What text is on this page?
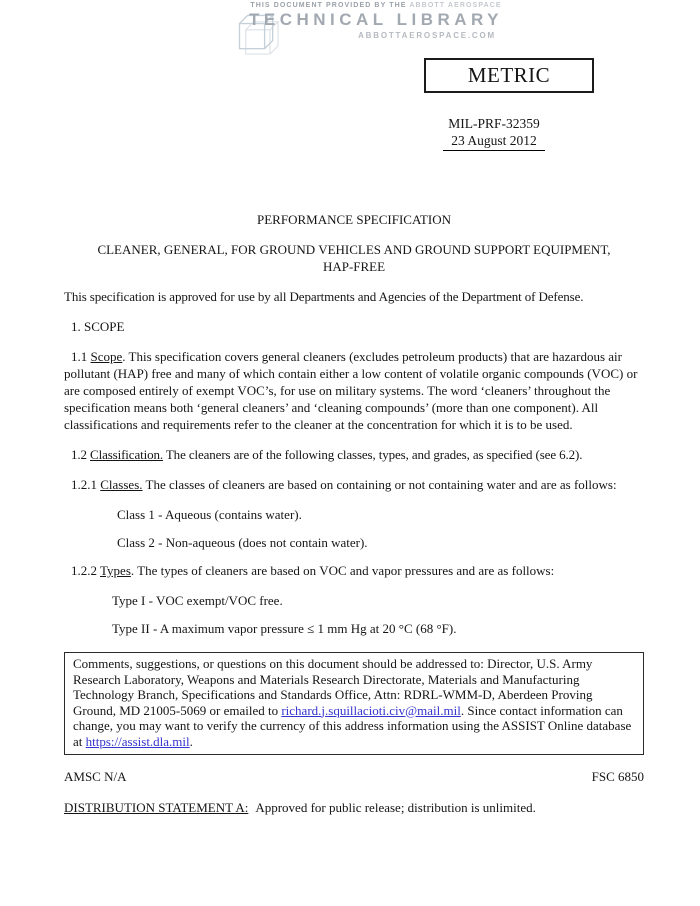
THIS DOCUMENT PROVIDED BY THE ABBOTT AEROSPACE
TECHNICAL LIBRARY
ABBOTTAEROSPACE.COM
METRIC
MIL-PRF-32359
23 August 2012

PERFORMANCE SPECIFICATION

CLEANER, GENERAL, FOR GROUND VEHICLES AND GROUND SUPPORT EQUIPMENT,
HAP-FREE

This specification is approved for use by all Departments and Agencies of the Department of Defense.

1. SCOPE

1.1 Scope. This specification covers general cleaners (excludes petroleum products) that are hazardous air pollutant (HAP) free and many of which contain either a low content of volatile organic compounds (VOC) or are composed entirely of exempt VOC’s, for use on military systems. The word ‘cleaners’ throughout the specification means both ‘general cleaners’ and ‘cleaning compounds’ (more than one component). All classifications and requirements refer to the cleaner at the concentration for which it is to be used.

1.2 Classification. The cleaners are of the following classes, types, and grades, as specified (see 6.2).

1.2.1 Classes. The classes of cleaners are based on containing or not containing water and are as follows:

Class 1 - Aqueous (contains water).

Class 2 - Non-aqueous (does not contain water).

1.2.2 Types. The types of cleaners are based on VOC and vapor pressures and are as follows:

Type I - VOC exempt/VOC free.

Type II - A maximum vapor pressure ≤ 1 mm Hg at 20 °C (68 °F).

Comments, suggestions, or questions on this document should be addressed to: Director, U.S. Army Research Laboratory, Weapons and Materials Research Directorate, Materials and Manufacturing Technology Branch, Specifications and Standards Office, Attn: RDRL-WMM-D, Aberdeen Proving Ground, MD 21005-5069 or emailed to richard.j.squillacioti.civ@mail.mil. Since contact information can change, you may want to verify the currency of this address information using the ASSIST Online database at https://assist.dla.mil.

AMSC N/A	FSC 6850

DISTRIBUTION STATEMENT A: Approved for public release; distribution is unlimited.
